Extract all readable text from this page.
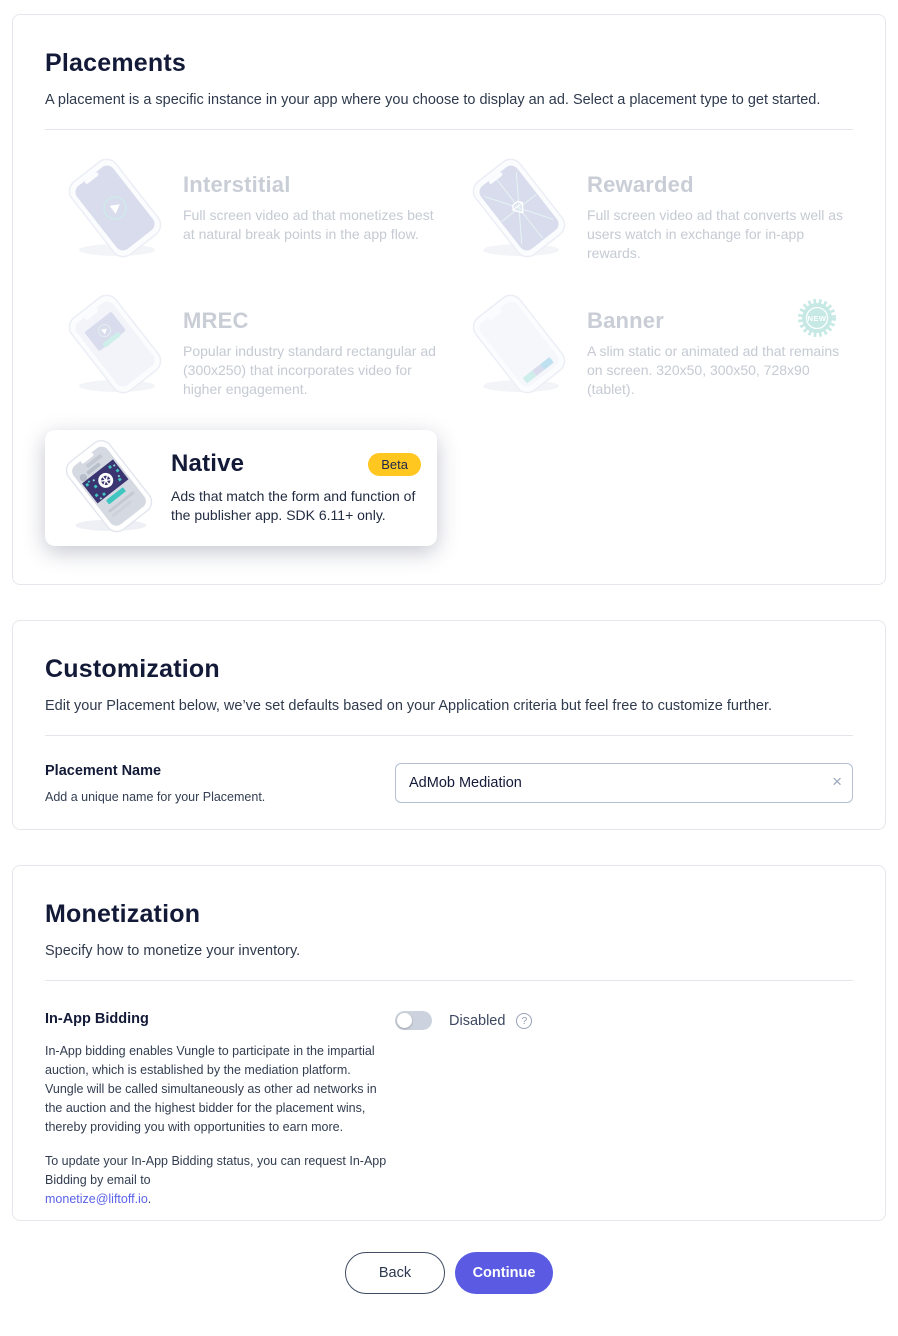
Placements
A placement is a specific instance in your app where you choose to display an ad. Select a placement type to get started.
Interstitial
Full screen video ad that monetizes best at natural break points in the app flow.
Rewarded
Full screen video ad that converts well as users watch in exchange for in-app rewards.
MREC
Popular industry standard rectangular ad (300x250) that incorporates video for higher engagement.
Banner
A slim static or animated ad that remains on screen. 320x50, 300x50, 728x90 (tablet).
NEW
Native	Beta
Ads that match the form and function of the publisher app. SDK 6.11+ only.
Customization
Edit your Placement below, we’ve set defaults based on your Application criteria but feel free to customize further.
Placement Name
Add a unique name for your Placement.
AdMob Mediation
×
Monetization
Specify how to monetize your inventory.
In-App Bidding
In-App bidding enables Vungle to participate in the impartial auction, which is established by the mediation platform. Vungle will be called simultaneously as other ad networks in the auction and the highest bidder for the placement wins, thereby providing you with opportunities to earn more.
To update your In-App Bidding status, you can request In-App Bidding by email to
monetize@liftoff.io.
Disabled	?
Back	Continue
